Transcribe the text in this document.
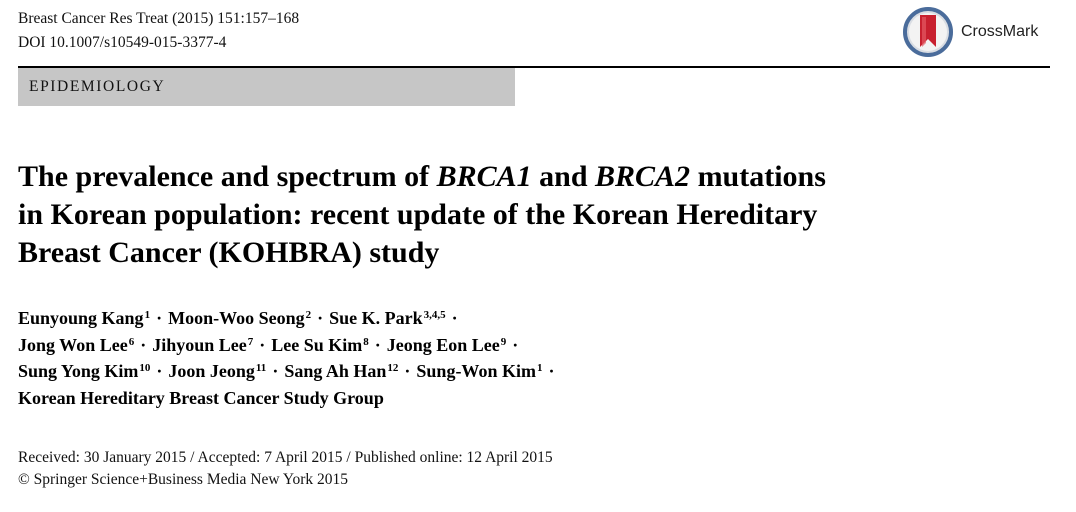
Breast Cancer Res Treat (2015) 151:157–168
DOI 10.1007/s10549-015-3377-4
CrossMark
EPIDEMIOLOGY
The prevalence and spectrum of BRCA1 and BRCA2 mutations
in Korean population: recent update of the Korean Hereditary
Breast Cancer (KOHBRA) study
Eunyoung Kang$^1$ · Moon-Woo Seong$^2$ · Sue K. Park$^{3,4,5}$ ·
Jong Won Lee$^6$ · Jihyoun Lee$^7$ · Lee Su Kim$^8$ · Jeong Eon Lee$^9$ ·
Sung Yong Kim$^{10}$ · Joon Jeong$^{11}$ · Sang Ah Han$^{12}$ · Sung-Won Kim$^1$ ·
Korean Hereditary Breast Cancer Study Group
Received: 30 January 2015 / Accepted: 7 April 2015 / Published online: 12 April 2015
© Springer Science+Business Media New York 2015
